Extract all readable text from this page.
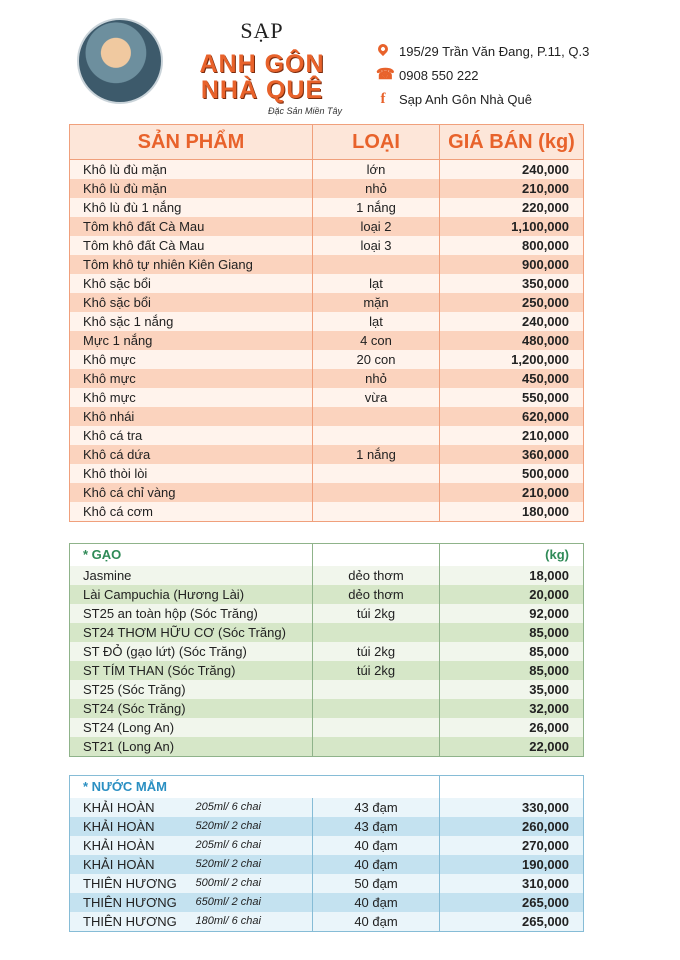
SẠP
ANH GÔN
NHÀ QUÊ
Đặc Sản Miền Tây
195/29 Trần Văn Đang, P.11, Q.3
☎ 0908 550 222
f	Sạp Anh Gôn Nhà Quê
SẢN PHẨM	LOẠI	GIÁ BÁN (kg)
Khô lù đù mặn	lớn	240,000
Khô lù đù mặn	nhỏ	210,000
Khô lù đù 1 nắng	1 nắng	220,000
Tôm khô đất Cà Mau	loại 2	1,100,000
Tôm khô đất Cà Mau	loại 3	800,000
Tôm khô tự nhiên Kiên Giang		900,000
Khô sặc bổi	lạt	350,000
Khô sặc bổi	mặn	250,000
Khô sặc 1 nắng	lạt	240,000
Mực 1 nắng	4 con	480,000
Khô mực	20 con	1,200,000
Khô mực	nhỏ	450,000
Khô mực	vừa	550,000
Khô nhái		620,000
Khô cá tra		210,000
Khô cá dứa	1 nắng	360,000
Khô thòi lòi		500,000
Khô cá chỉ vàng		210,000
Khô cá cơm		180,000
* GẠO		(kg)
Jasmine	dẻo thơm	18,000
Lài Campuchia (Hương Lài)	dẻo thơm	20,000
ST25 an toàn hộp (Sóc Trăng)	túi 2kg	92,000
ST24 THƠM HỮU CƠ (Sóc Trăng)		85,000
ST ĐỎ (gạo lứt) (Sóc Trăng)	túi 2kg	85,000
ST TÍM THAN (Sóc Trăng)	túi 2kg	85,000
ST25 (Sóc Trăng)		35,000
ST24 (Sóc Trăng)		32,000
ST24 (Long An)		26,000
ST21 (Long An)		22,000
* NƯỚC MẮM			
KHẢI HOÀN	205ml/ 6 chai	43 đạm	330,000
KHẢI HOÀN	520ml/ 2 chai	43 đạm	260,000
KHẢI HOÀN	205ml/ 6 chai	40 đạm	270,000
KHẢI HOÀN	520ml/ 2 chai	40 đạm	190,000
THIÊN HƯƠNG	500ml/ 2 chai	50 đạm	310,000
THIÊN HƯƠNG	650ml/ 2 chai	40 đạm	265,000
THIÊN HƯƠNG	180ml/ 6 chai	40 đạm	265,000
